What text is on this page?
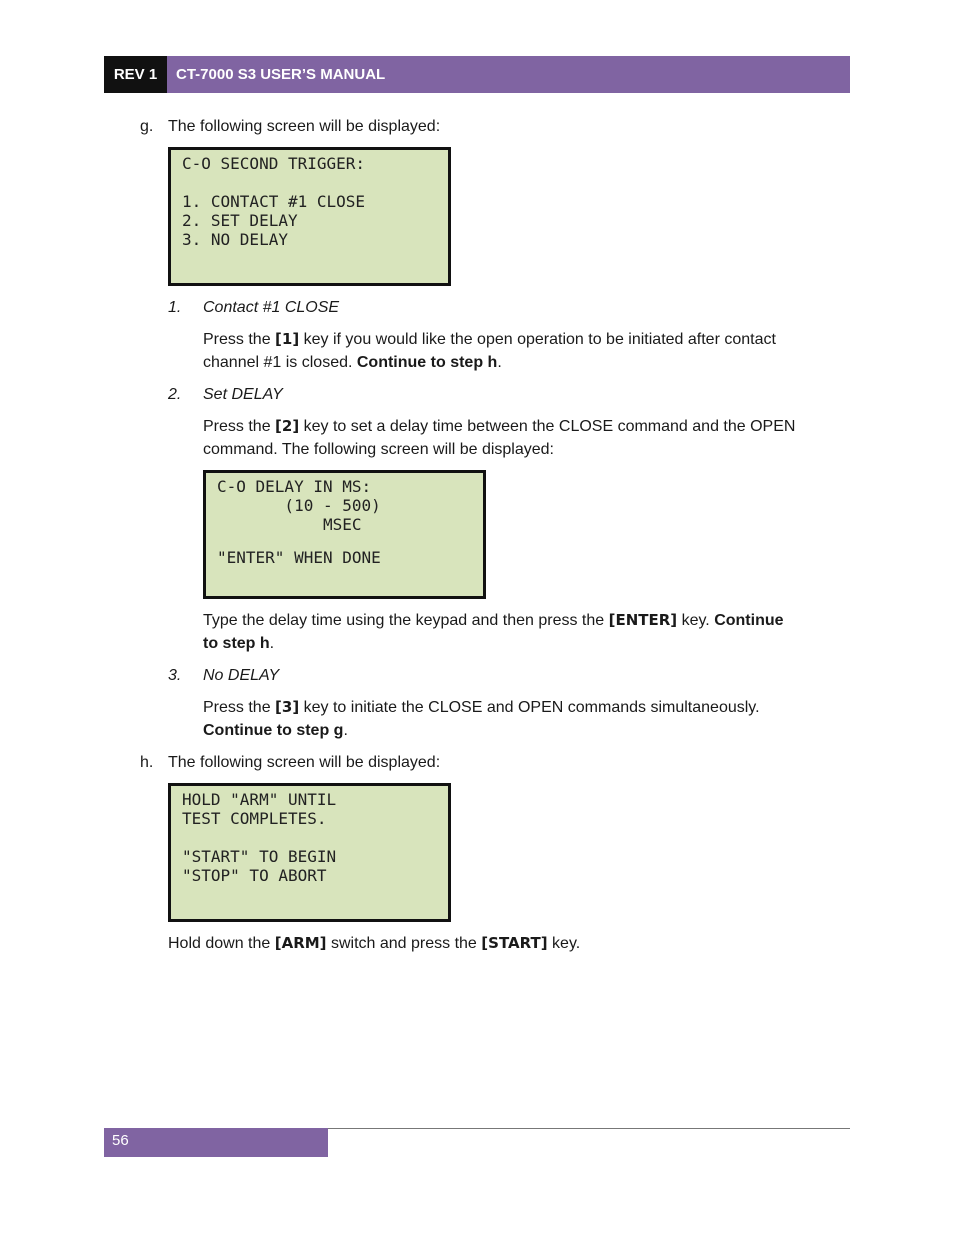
REV 1	CT-7000 S3 USER’S MANUAL
g. The following screen will be displayed:
C-O SECOND TRIGGER:
1. CONTACT #1 CLOSE
2. SET DELAY
3. NO DELAY
1. Contact #1 CLOSE
Press the [1] key if you would like the open operation to be initiated after contact
channel #1 is closed. Continue to step h.
2. Set DELAY
Press the [2] key to set a delay time between the CLOSE command and the OPEN
command. The following screen will be displayed:
C-O DELAY IN MS:
(10 - 500)
MSEC
"ENTER" WHEN DONE
Type the delay time using the keypad and then press the [ENTER] key. Continue
to step h.
3. No DELAY
Press the [3] key to initiate the CLOSE and OPEN commands simultaneously.
Continue to step g.
h. The following screen will be displayed:
HOLD "ARM" UNTIL
TEST COMPLETES.
"START" TO BEGIN
"STOP" TO ABORT
Hold down the [ARM] switch and press the [START] key.
56
